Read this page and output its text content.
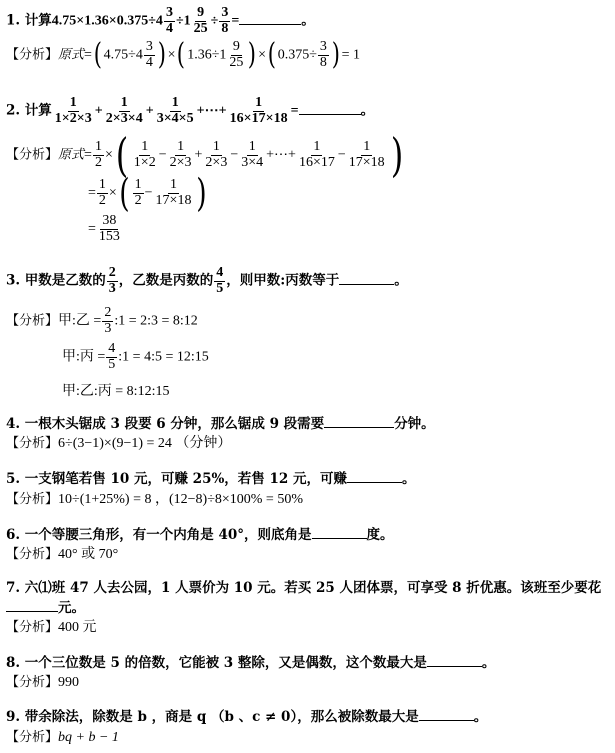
1. 计算$4.75\times 1.36\times 0.375\div 4 \frac{3}{4} \div 1 \frac{9}{25} \div \frac{3}{8}$ =	。
【分析】原式=( $4.75\div 4 \frac{3}{4}$ ) ×( $1.36\div 1 \frac{9}{25}$ ) ×( $0.375\div \frac{3}{8}$ ) = 1
2. 计算 $\frac{1}{1\times 2\times 3} + \frac{1}{2\times 3\times 4} + \frac{1}{3\times 4\times 5}$ +⋯+ $\frac{1}{16\times 17\times 18}$ =	。
【分析】原式= $\frac{1}{2}$ ×( $\frac{1}{1\times 2} - \frac{1}{2\times 3} + \frac{1}{2\times 3} - \frac{1}{3\times 4}$ +⋯+ $\frac{1}{16\times 17} - \frac{1}{17\times 18}$ )
= $\frac{1}{2}$ ×( $\frac{1}{2} - \frac{1}{17\times 18}$ )
= $\frac{38}{153}$
3. 甲数是乙数的 $\frac{2}{3}$ ，乙数是丙数的 $\frac{4}{5}$ ，则甲数:丙数等于	。
【分析】甲:乙 = $\frac{2}{3}$ :1 = 2:3 = 8:12
甲:丙 = $\frac{4}{5}$ :1 = 4:5 = 12:15
甲:乙:丙 = 8:12:15
4. 一根木头锯成 3 段要 6 分钟，那么锯成 9 段需要	分钟。
【分析】6÷(3−1)×(9−1) = 24 （分钟）
5. 一支钢笔若售 10 元，可赚 25%，若售 12 元，可赚	。
【分析】10÷(1+25%) = 8 ，(12−8)÷8×100% = 50%
6. 一个等腰三角形，有一个内角是 40°，则底角是	度。
【分析】40° 或 70°
7. 六⑴班 47 人去公园，1 人票价为 10 元。若买 25 人团体票，可享受 8 折优惠。该班至少要花元。
【分析】400 元
8. 一个三位数是 5 的倍数，它能被 3 整除，又是偶数，这个数最大是	。
【分析】990
9. 带余除法，除数是 b ，商是 q （b 、c ≠ 0），那么被除数最大是	。
【分析】bq + b − 1
